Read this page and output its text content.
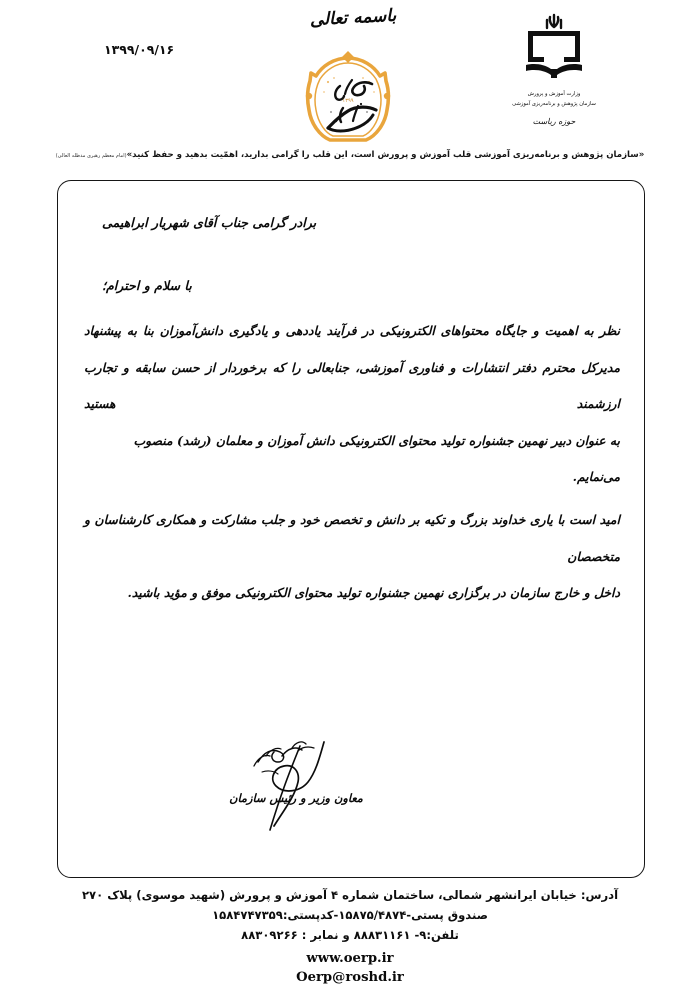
۱۳۹۹/۰۹/۱۶
باسمه تعالی
۱۳۹۹
وزارت آموزش و پرورش
سازمان پژوهش و برنامه‌ریزی آموزشی
حوزه ریاست
«سازمان پژوهش و برنامه‌ریزی آموزشی قلب آموزش و پرورش است، این قلب را گرامی بدارید، اهمّیت بدهید و حفظ کنید»(امام معظم رهبری مدظله العالی)
برادر گرامی جناب آقای شهریار ابراهیمی
با سلام و احترام؛
نظر به اهمیت و جایگاه محتواهای الکترونیکی در فرآیند یاددهی و یادگیری دانش‌آموزان بنا به پیشنهاد مدیرکل محترم دفتر انتشارات و فناوری آموزشی، جنابعالی را که برخوردار از حسن سابقه و تجارب ارزشمند هستید
به عنوان دبیر نهمین جشنواره تولید محتوای الکترونیکی دانش آموزان و معلمان (رشد) منصوب می‌نمایم.
امید است با یاری خداوند بزرگ و تکیه بر دانش و تخصص خود و جلب مشارکت و همکاری کارشناسان و متخصصان
داخل و خارج سازمان در برگزاری نهمین جشنواره تولید محتوای الکترونیکی موفق و مؤید باشید.
معاون وزیر و رئیس سازمان
آدرس: خیابان ایرانشهر شمالی، ساختمان شماره ۴ آموزش و پرورش (شهید موسوی) پلاک ۲۷۰
صندوق پستی-۱۵۸۷۵/۴۸۷۴-کدپستی:۱۵۸۴۷۴۷۳۵۹
تلفن:۹- ۸۸۸۳۱۱۶۱ و نمابر : ۸۸۳۰۹۲۶۶
www.oerp.ir
Oerp@roshd.ir
